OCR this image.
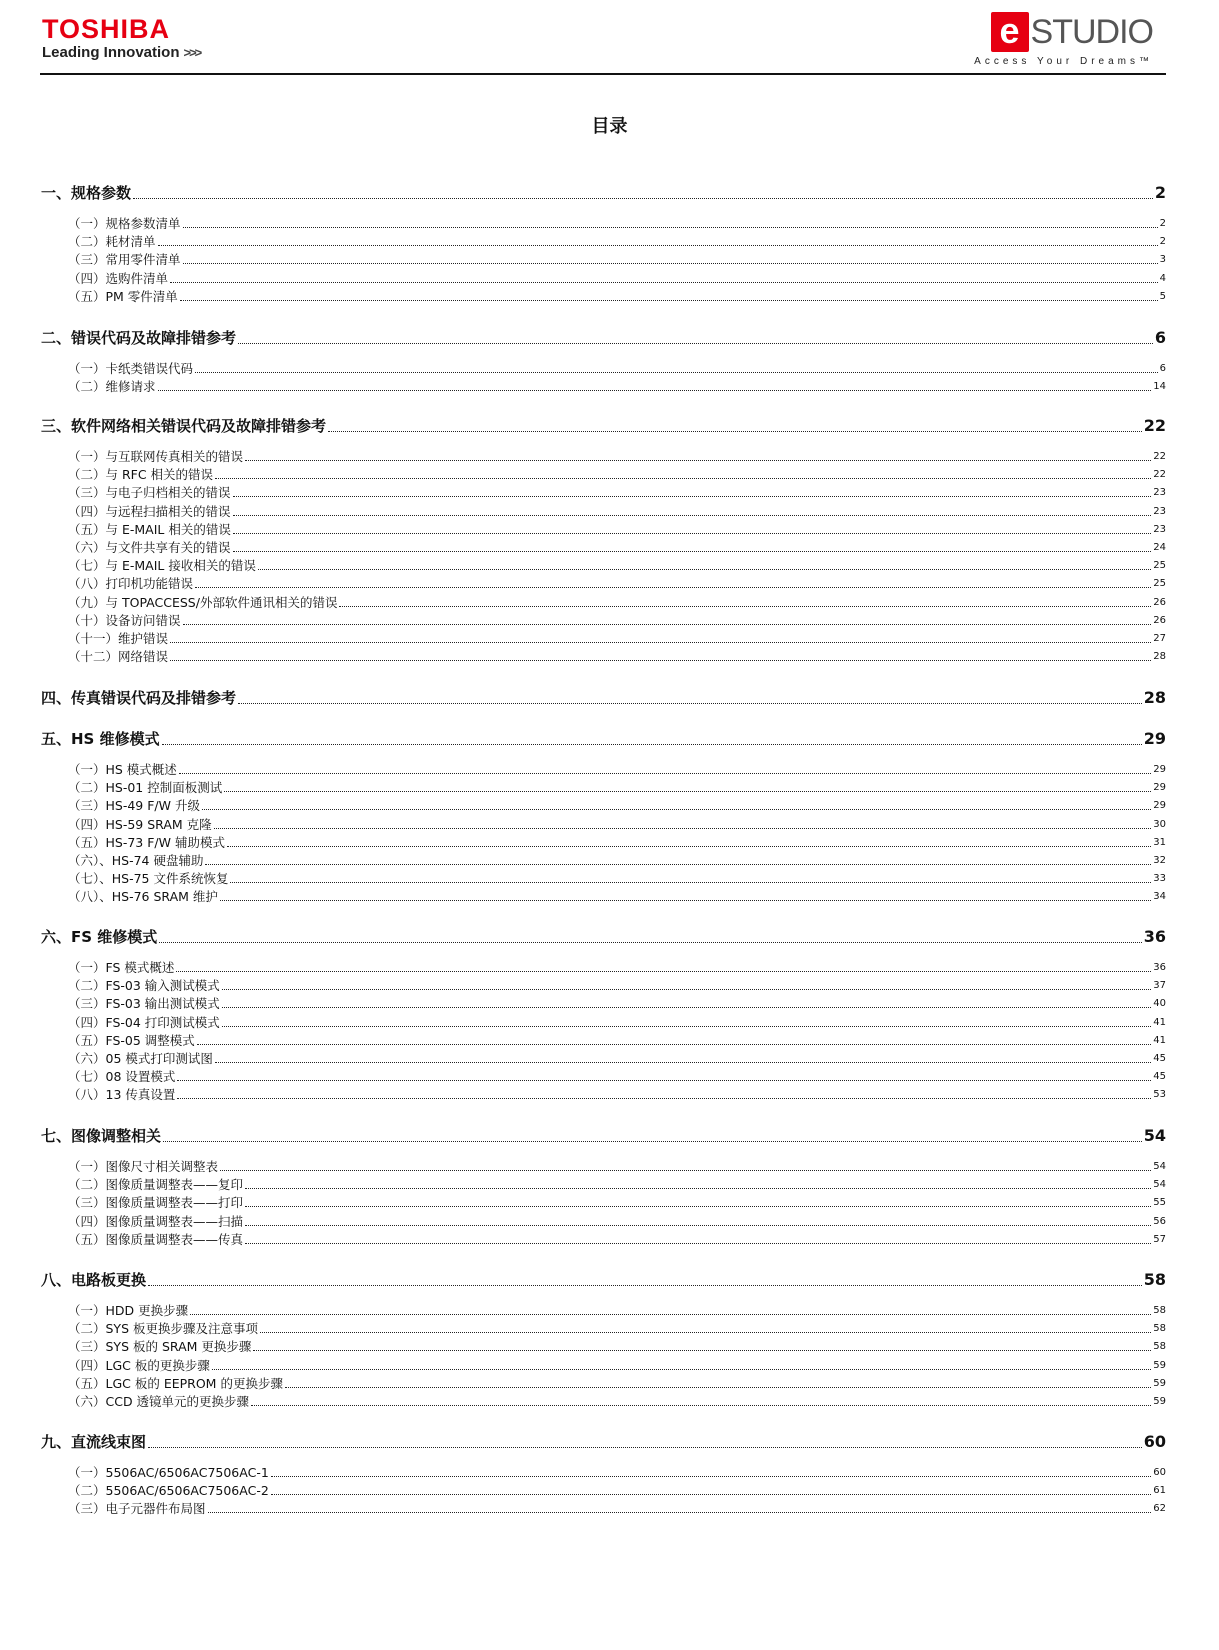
TOSHIBA
Leading Innovation >>>
e STUDIO
Access Your Dreams™
目录
一、规格参数	2
（一）规格参数清单	2
（二）耗材清单	2
（三）常用零件清单	3
（四）选购件清单	4
（五）PM 零件清单	5
二、错误代码及故障排错参考	6
（一）卡纸类错误代码	6
（二）维修请求	14
三、软件网络相关错误代码及故障排错参考	22
（一）与互联网传真相关的错误	22
（二）与 RFC 相关的错误	22
（三）与电子归档相关的错误	23
（四）与远程扫描相关的错误	23
（五）与 E-MAIL 相关的错误	23
（六）与文件共享有关的错误	24
（七）与 E-MAIL 接收相关的错误	25
（八）打印机功能错误	25
（九）与 TOPACCESS/外部软件通讯相关的错误	26
（十）设备访问错误	26
（十一）维护错误	27
（十二）网络错误	28
四、传真错误代码及排错参考	28
五、HS 维修模式	29
（一）HS 模式概述	29
（二）HS-01 控制面板测试	29
（三）HS-49 F/W 升级	29
（四）HS-59 SRAM 克隆	30
（五）HS-73 F/W 辅助模式	31
（六）、HS-74 硬盘辅助	32
（七）、HS-75 文件系统恢复	33
（八）、HS-76 SRAM 维护	34
六、FS 维修模式	36
（一）FS 模式概述	36
（二）FS-03 输入测试模式	37
（三）FS-03 输出测试模式	40
（四）FS-04 打印测试模式	41
（五）FS-05 调整模式	41
（六）05 模式打印测试图	45
（七）08 设置模式	45
（八）13 传真设置	53
七、图像调整相关	54
（一）图像尺寸相关调整表	54
（二）图像质量调整表——复印	54
（三）图像质量调整表——打印	55
（四）图像质量调整表——扫描	56
（五）图像质量调整表——传真	57
八、电路板更换	58
（一）HDD 更换步骤	58
（二）SYS 板更换步骤及注意事项	58
（三）SYS 板的 SRAM 更换步骤	58
（四）LGC 板的更换步骤	59
（五）LGC 板的 EEPROM 的更换步骤	59
（六）CCD 透镜单元的更换步骤	59
九、直流线束图	60
（一）5506AC/6506AC7506AC-1	60
（二）5506AC/6506AC7506AC-2	61
（三）电子元器件布局图	62
